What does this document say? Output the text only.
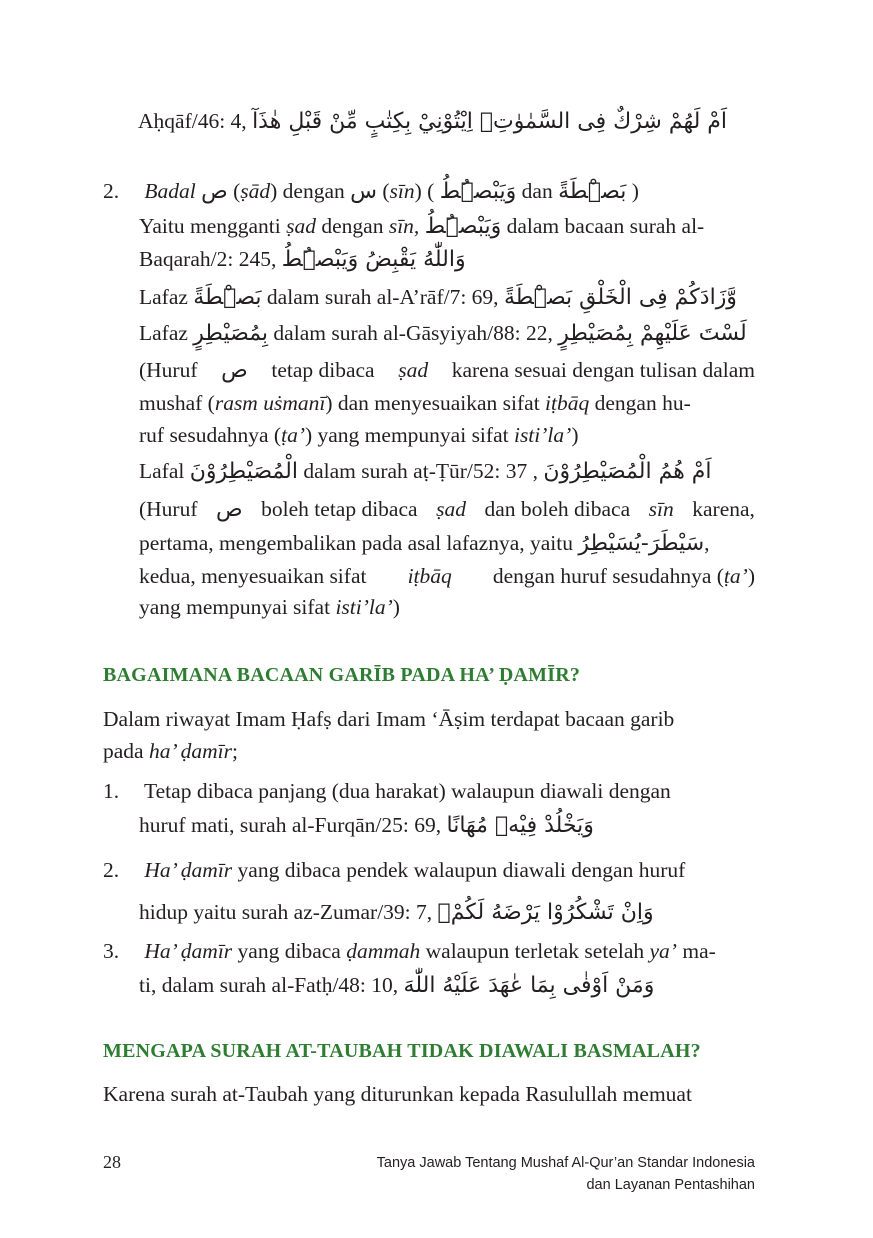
Aḥqāf/46: 4, اَمْ لَهُمْ شِرْكٌ فِى السَّمٰوٰتِۗ اِيْتُوْنِيْ بِكِتٰبٍ مِّنْ قَبْلِ هٰذَآ
2. Badal ص (ṣād) dengan س (sīn) ( وَيَبْصُۜطُ dan بَصْۜطَةً )
Yaitu mengganti ṣad dengan sīn, وَيَبْصُۜطُ dalam bacaan surah al-
Baqarah/2: 245, وَاللّٰهُ يَقْبِضُ وَيَبْصُۜطُ
Lafaz بَصْۜطَةً dalam surah al-A’rāf/7: 69, وَّزَادَكُمْ فِى الْخَلْقِ بَصْۜطَةً
Lafaz بِمُصَيْطِرٍ dalam surah al-Gāsyiyah/88: 22, لَسْتَ عَلَيْهِمْ بِمُصَيْطِرٍ
(Huruf ص tetap dibaca ṣad karena sesuai dengan tulisan dalam
mushaf (rasm uṡmanī) dan menyesuaikan sifat iṭbāq dengan hu-
ruf sesudahnya (ṭa’) yang mempunyai sifat isti’la’)
Lafal الْمُصَيْطِرُوْنَ dalam surah aṭ-Ṭūr/52: 37 , اَمْ هُمُ الْمُصَيْطِرُوْنَ
(Huruf ص boleh tetap dibaca ṣad dan boleh dibaca sīn karena,
pertama, mengembalikan pada asal lafaznya, yaitu سَيْطَرَ-يُسَيْطِرُ,
kedua, menyesuaikan sifat iṭbāq dengan huruf sesudahnya (ṭa’)
yang mempunyai sifat isti’la’)
BAGAIMANA BACAAN GARĪB PADA HA’ ḌAMĪR?
Dalam riwayat Imam Ḥafṣ dari Imam ‘Āṣim terdapat bacaan garib
pada ha’ ḍamīr;
1. Tetap dibaca panjang (dua harakat) walaupun diawali dengan
huruf mati, surah al-Furqān/25: 69, وَيَخْلُدْ فِيْهٖ مُهَانًا
2. Ha’ ḍamīr yang dibaca pendek walaupun diawali dengan huruf
hidup yaitu surah az-Zumar/39: 7, وَاِنْ تَشْكُرُوْا يَرْضَهُ لَكُمْۗ
3. Ha’ ḍamīr yang dibaca ḍammah walaupun terletak setelah ya’ ma-
ti, dalam surah al-Fatḥ/48: 10, وَمَنْ اَوْفٰى بِمَا عٰهَدَ عَلَيْهُ اللّٰهَ
MENGAPA SURAH AT-TAUBAH TIDAK DIAWALI BASMALAH?
Karena surah at-Taubah yang diturunkan kepada Rasulullah memuat
28	Tanya Jawab Tentang Mushaf Al-Qur’an Standar Indonesia
dan Layanan Pentashihan
